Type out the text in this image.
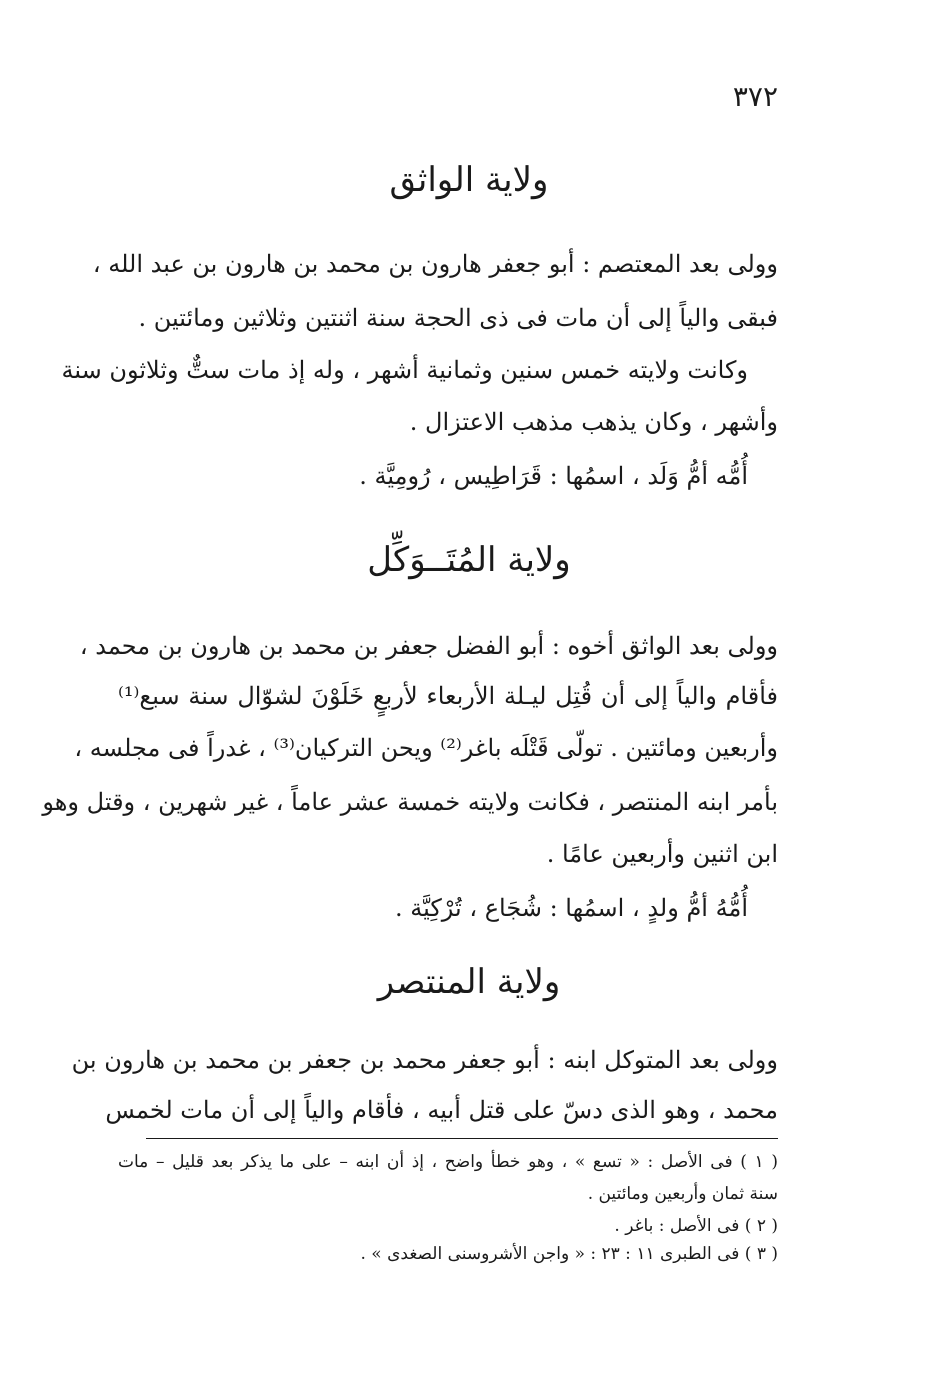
٣٧٢
ولاية الواثق
وولى بعد المعتصم : أبو جعفر هارون بن محمد بن هارون بن عبد الله ،
فبقى والياً إلى أن مات فى ذى الحجة سنة اثنتين وثلاثين ومائتين .
وكانت ولايته خمس سنين وثمانية أشهر ، وله إذ مات ستٌّ وثلاثون سنة
وأشهر ، وكان يذهب مذهب الاعتزال .
أُمُّه أمُّ وَلَد ، اسمُها : قَرَاطِيس ، رُومِيَّة .
ولاية المُتَــوَكِّل
وولى بعد الواثق أخوه : أبو الفضل جعفر بن محمد بن هارون بن محمد ،
فأقام والياً إلى أن قُتِل ليـلة الأربعاء لأربعٍ خَلَوْنَ لشوّال سنة سبع⁽¹⁾
وأربعين ومائتين . تولّى قَتْلَه باغر⁽²⁾ ويحن التركيان⁽³⁾ ، غدراً فى مجلسه ،
بأمر ابنه المنتصر ، فكانت ولايته خمسة عشر عاماً ، غير شهرين ، وقتل وهو
ابن اثنين وأربعين عامًا .
أُمُّهُ أمُّ ولدٍ ، اسمُها : شُجَاع ، تُرْكِيَّة .
ولاية المنتصر
وولى بعد المتوكل ابنه : أبو جعفر محمد بن جعفر بن محمد بن هارون بن
محمد ، وهو الذى دسّ على قتل أبيه ، فأقام والياً إلى أن مات لخمس
( ١ ) فى الأصل : « تسع » ، وهو خطأ واضح ، إذ أن ابنه – على ما يذكر بعد قليل – مات
سنة ثمان وأربعين ومائتين .
( ٢ ) فى الأصل : باغر .
( ٣ ) فى الطبرى ١١ : ٢٣ : « واجن الأشروسنى الصغدى » .
